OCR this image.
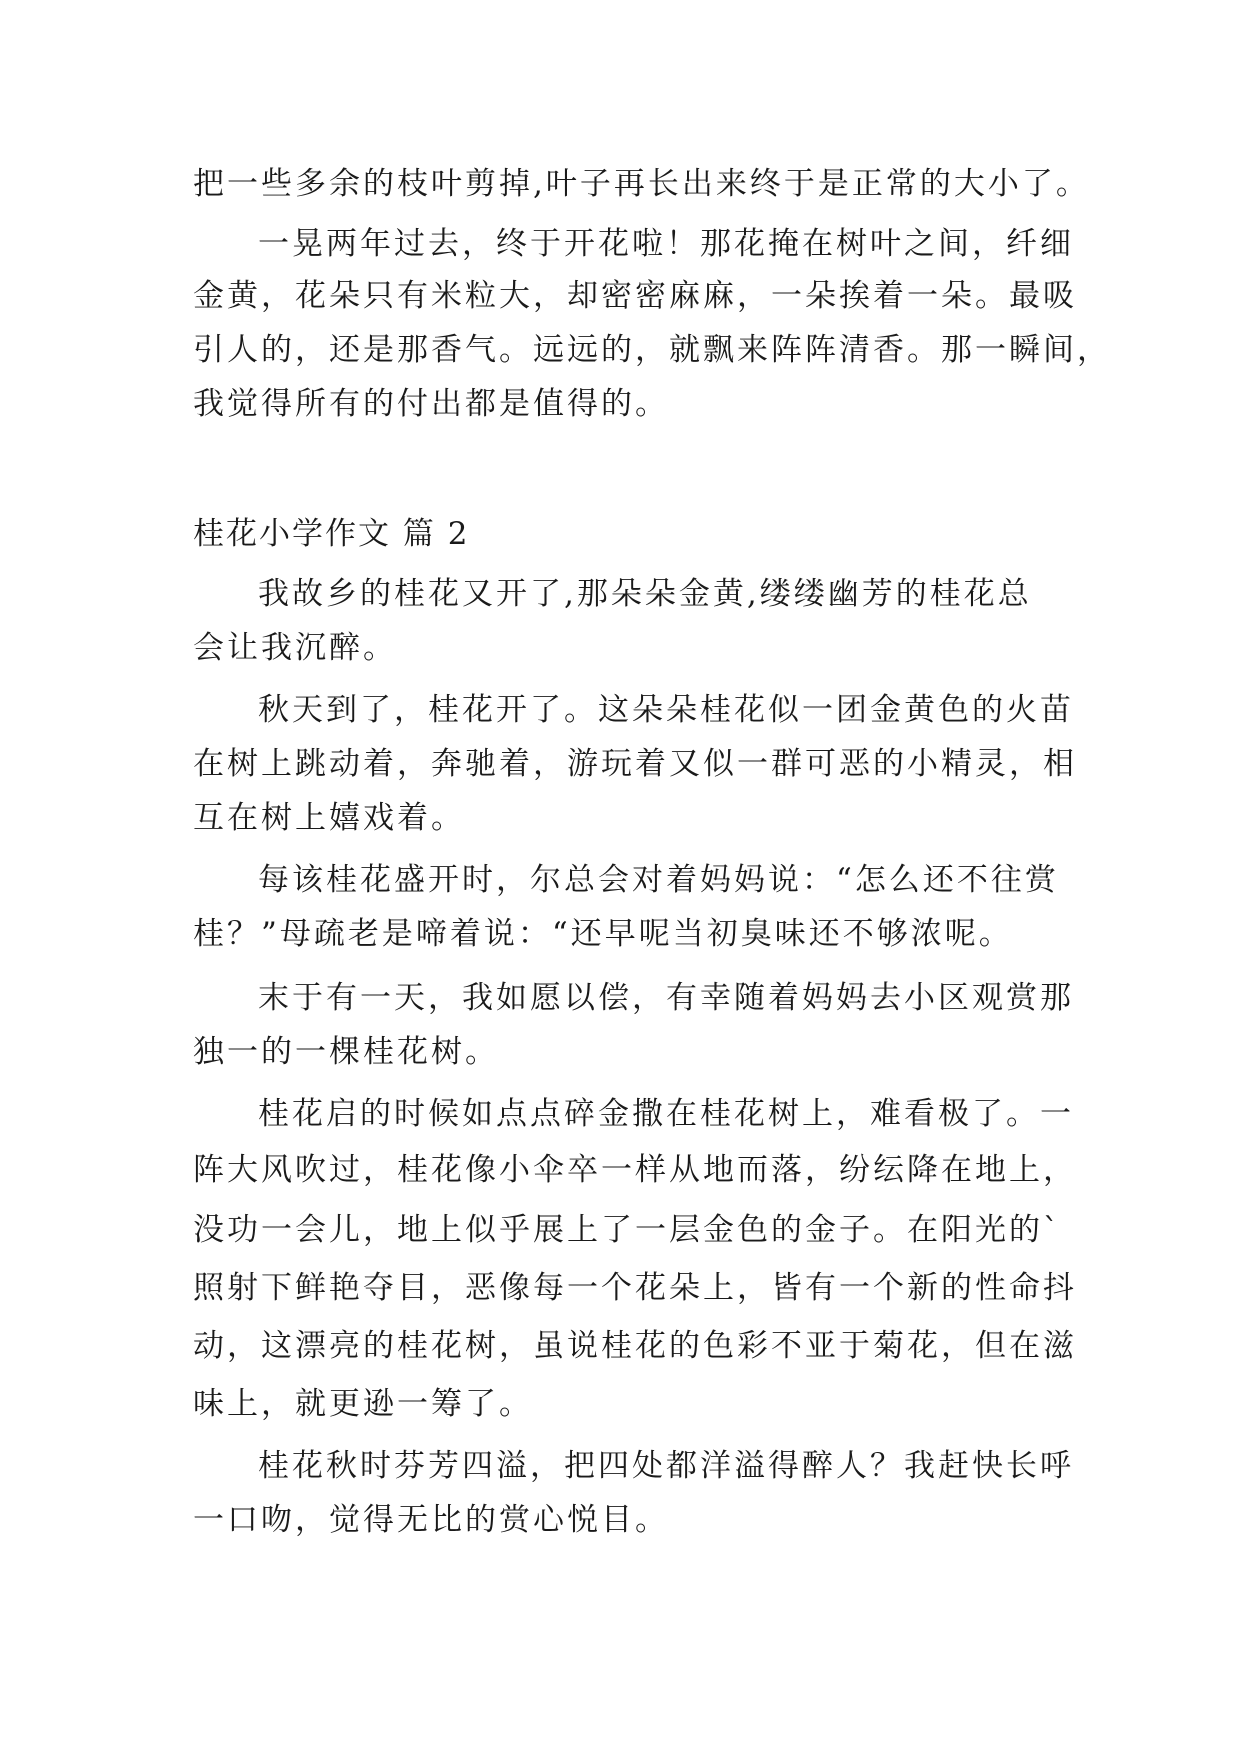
把一些多余的枝叶剪掉,叶子再长出来终于是正常的大小了。
一晃两年过去，终于开花啦！那花掩在树叶之间，纤细
金黄，花朵只有米粒大，却密密麻麻，一朵挨着一朵。最吸
引人的，还是那香气。远远的，就飘来阵阵清香。那一瞬间，
我觉得所有的付出都是值得的。
桂花小学作文 篇 2
我故乡的桂花又开了,那朵朵金黄,缕缕幽芳的桂花总
会让我沉醉。
秋天到了，桂花开了。这朵朵桂花似一团金黄色的火苗
在树上跳动着，奔驰着，游玩着又似一群可恶的小精灵，相
互在树上嬉戏着。
每该桂花盛开时，尔总会对着妈妈说：“怎么还不往赏
桂？”母疏老是啼着说：“还早呢当初臭味还不够浓呢。
末于有一天，我如愿以偿，有幸随着妈妈去小区观赏那
独一的一棵桂花树。
桂花启的时候如点点碎金撒在桂花树上，难看极了。一
阵大风吹过，桂花像小伞卒一样从地而落，纷纭降在地上，
没功一会儿，地上似乎展上了一层金色的金子。在阳光的`
照射下鲜艳夺目，恶像每一个花朵上，皆有一个新的性命抖
动，这漂亮的桂花树，虽说桂花的色彩不亚于菊花，但在滋
味上，就更逊一筹了。
桂花秋时芬芳四溢，把四处都洋溢得醉人？我赶快长呼
一口吻，觉得无比的赏心悦目。
